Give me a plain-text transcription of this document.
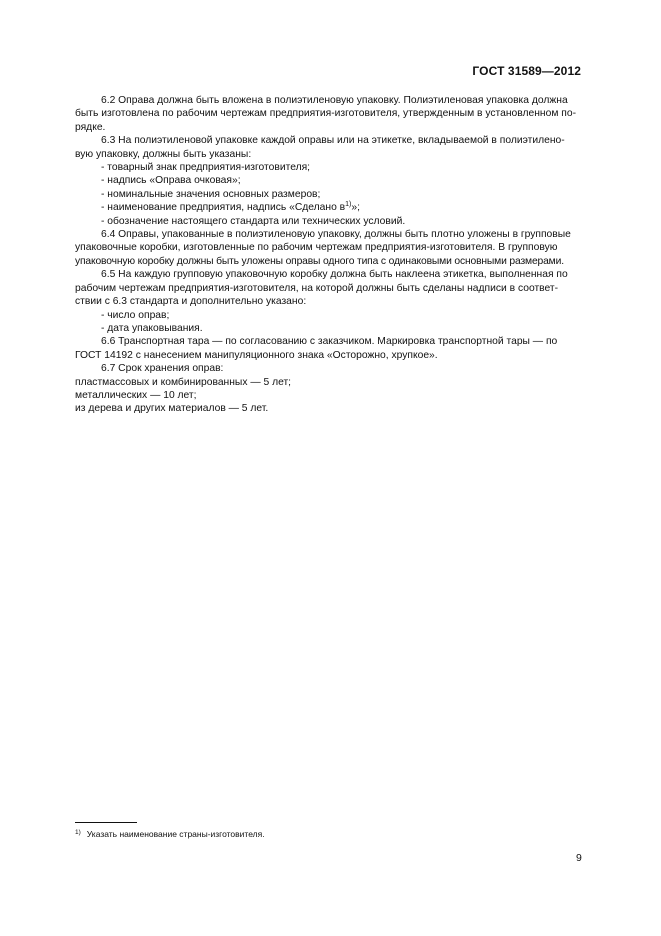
ГОСТ 31589—2012
6.2 Оправа должна быть вложена в полиэтиленовую упаковку. Полиэтиленовая упаковка должна
быть изготовлена по рабочим чертежам предприятия-изготовителя, утвержденным в установленном по-
рядке.
6.3 На полиэтиленовой упаковке каждой оправы или на этикетке, вкладываемой в полиэтилено-
вую упаковку, должны быть указаны:
- товарный знак предприятия-изготовителя;
- надпись «Оправа очковая»;
- номинальные значения основных размеров;
- наименование предприятия, надпись «Сделано $в^{1)}$»;
- обозначение настоящего стандарта или технических условий.
6.4 Оправы, упакованные в полиэтиленовую упаковку, должны быть плотно уложены в групповые
упаковочные коробки, изготовленные по рабочим чертежам предприятия-изготовителя. В групповую
упаковочную коробку должны быть уложены оправы одного типа с одинаковыми основными размерами.
6.5 На каждую групповую упаковочную коробку должна быть наклеена этикетка, выполненная по
рабочим чертежам предприятия-изготовителя, на которой должны быть сделаны надписи в соответ-
ствии с 6.3 стандарта и дополнительно указано:
- число оправ;
- дата упаковывания.
6.6 Транспортная тара — по согласованию с заказчиком. Маркировка транспортной тары — по
ГОСТ 14192 с нанесением манипуляционного знака «Осторожно, хрупкое».
6.7 Срок хранения оправ:
пластмассовых и комбинированных — 5 лет;
металлических — 10 лет;
из дерева и других материалов — 5 лет.
$^{1)}$ Указать наименование страны-изготовителя.
9
